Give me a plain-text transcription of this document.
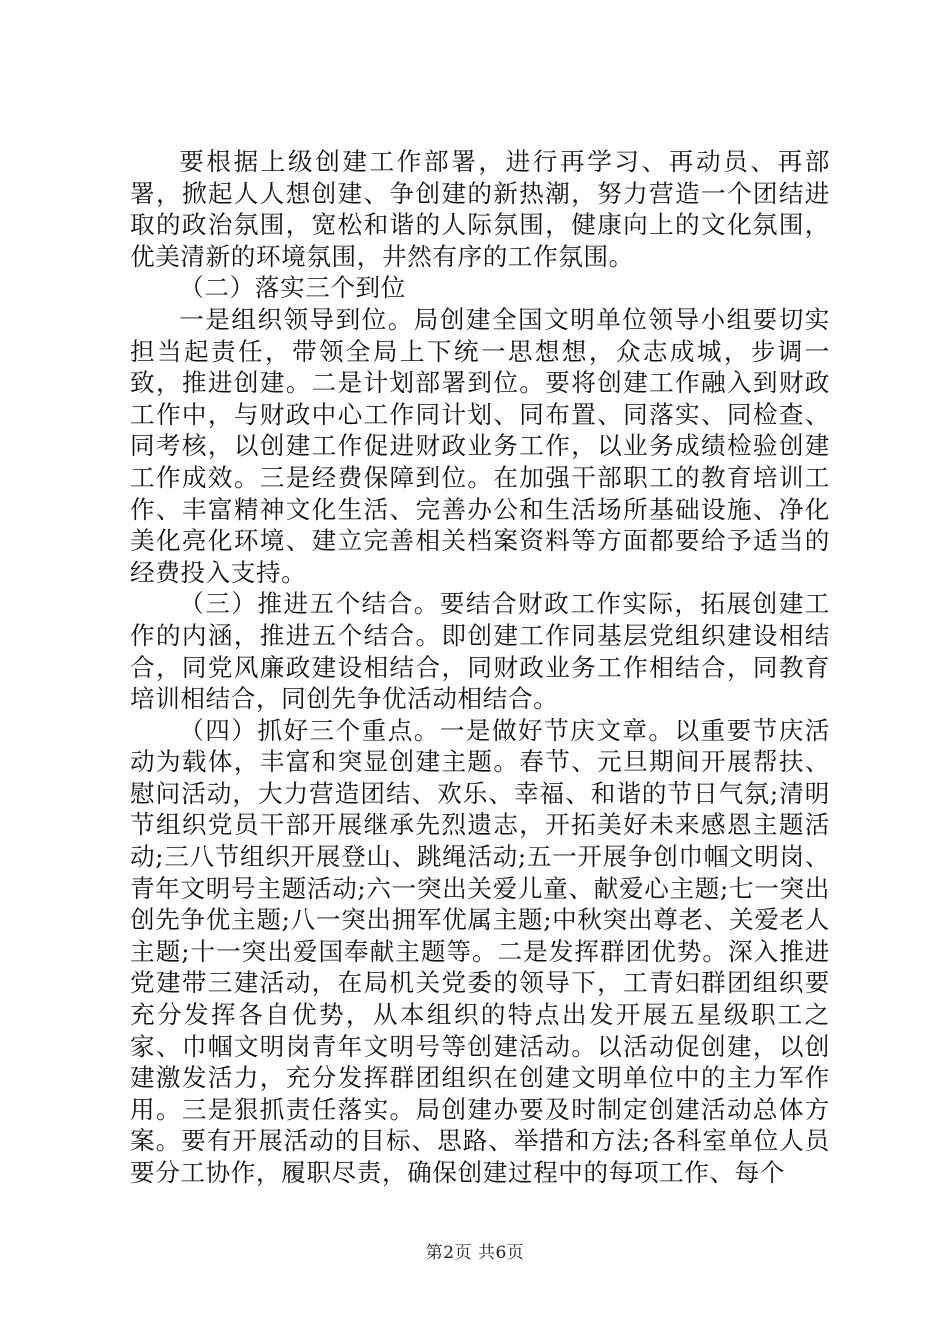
要根据上级创建工作部署，进行再学习、再动员、再部署，掀起人人想创建、争创建的新热潮，努力营造一个团结进取的政治氛围，宽松和谐的人际氛围，健康向上的文化氛围，优美清新的环境氛围，井然有序的工作氛围。

（二）落实三个到位

一是组织领导到位。局创建全国文明单位领导小组要切实担当起责任，带领全局上下统一思想想，众志成城，步调一致，推进创建。二是计划部署到位。要将创建工作融入到财政工作中，与财政中心工作同计划、同布置、同落实、同检查、同考核，以创建工作促进财政业务工作，以业务成绩检验创建工作成效。三是经费保障到位。在加强干部职工的教育培训工作、丰富精神文化生活、完善办公和生活场所基础设施、净化美化亮化环境、建立完善相关档案资料等方面都要给予适当的经费投入支持。

（三）推进五个结合。要结合财政工作实际，拓展创建工作的内涵，推进五个结合。即创建工作同基层党组织建设相结合，同党风廉政建设相结合，同财政业务工作相结合，同教育培训相结合，同创先争优活动相结合。

（四）抓好三个重点。一是做好节庆文章。以重要节庆活动为载体，丰富和突显创建主题。春节、元旦期间开展帮扶、慰问活动，大力营造团结、欢乐、幸福、和谐的节日气氛;清明节组织党员干部开展继承先烈遗志，开拓美好未来感恩主题活动;三八节组织开展登山、跳绳活动;五一开展争创巾帼文明岗、青年文明号主题活动;六一突出关爱儿童、献爱心主题;七一突出创先争优主题;八一突出拥军优属主题;中秋突出尊老、关爱老人主题;十一突出爱国奉献主题等。二是发挥群团优势。深入推进党建带三建活动，在局机关党委的领导下，工青妇群团组织要充分发挥各自优势，从本组织的特点出发开展五星级职工之家、巾帼文明岗青年文明号等创建活动。以活动促创建，以创建激发活力，充分发挥群团组织在创建文明单位中的主力军作用。三是狠抓责任落实。局创建办要及时制定创建活动总体方案。要有开展活动的目标、思路、举措和方法;各科室单位人员要分工协作，履职尽责，确保创建过程中的每项工作、每个

第2页 共6页
